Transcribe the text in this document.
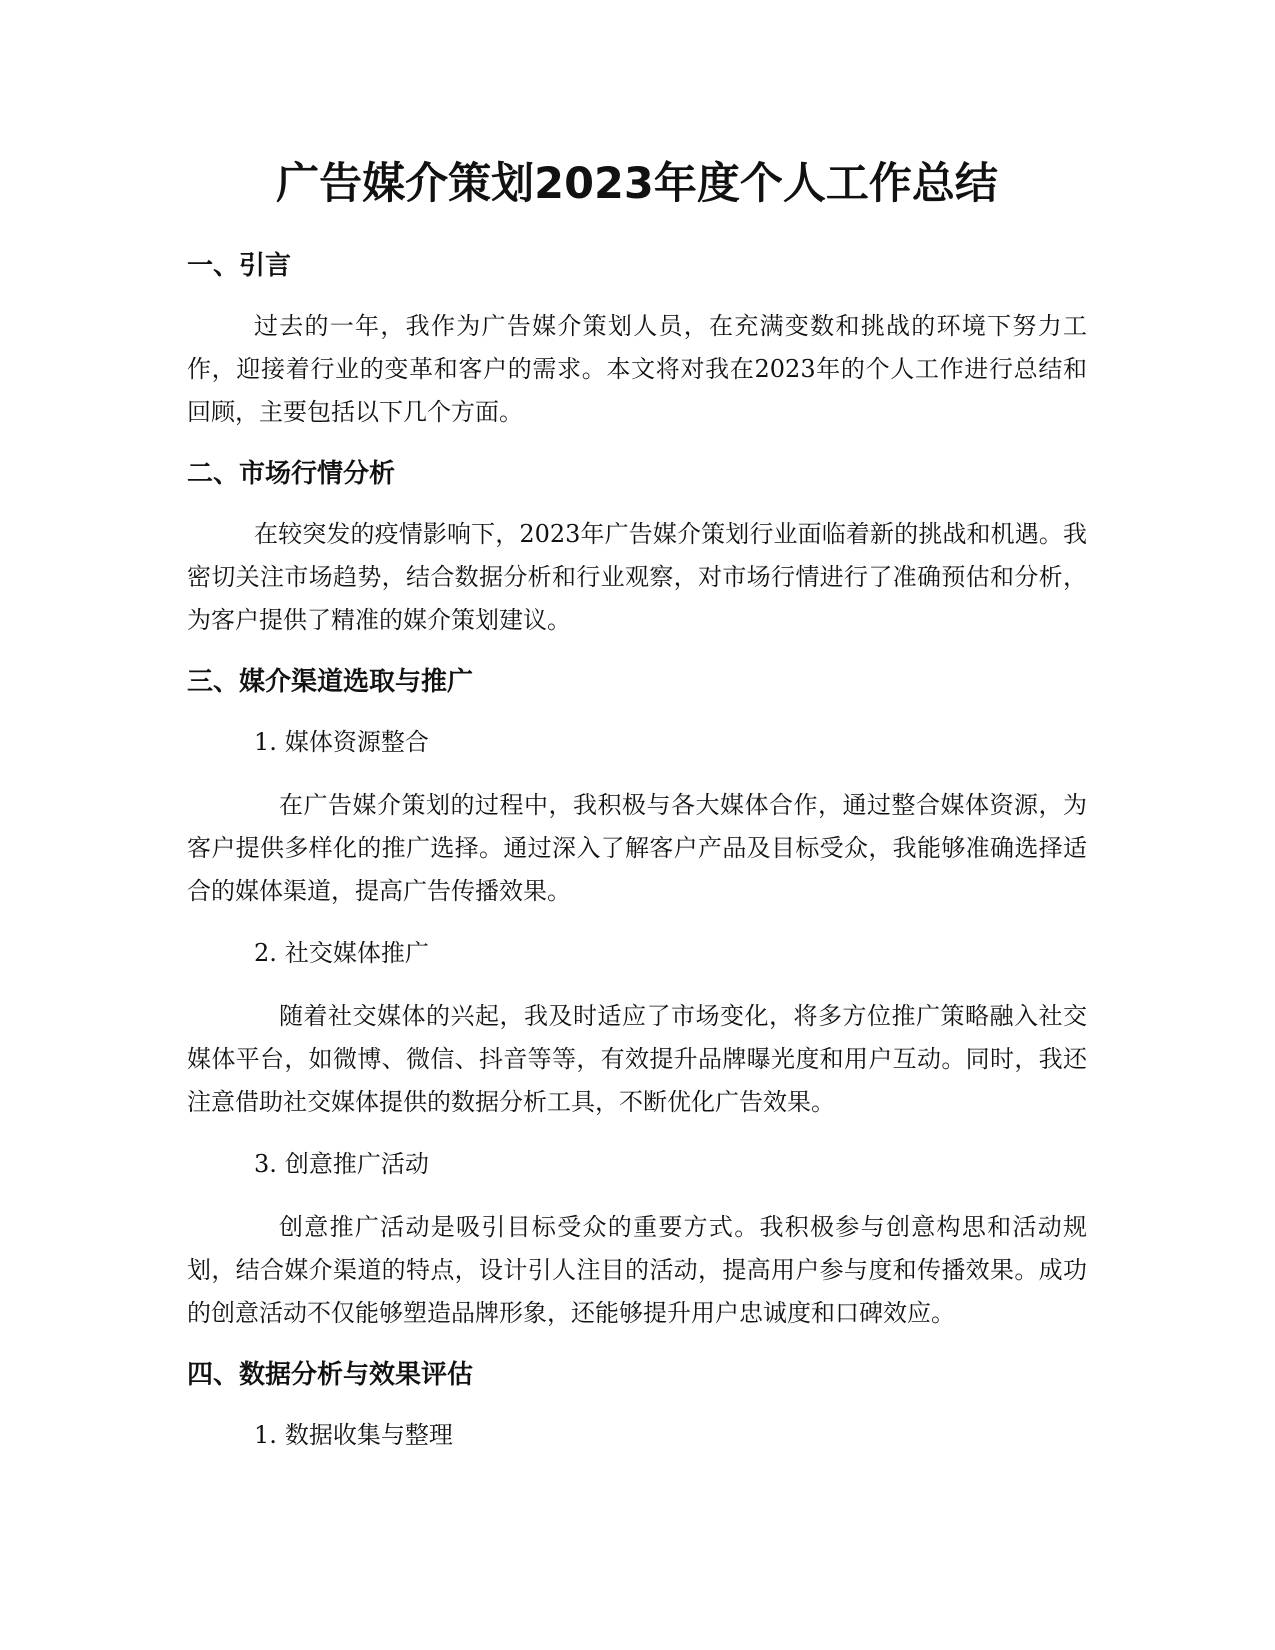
广告媒介策划2023年度个人工作总结
一、引言

过去的一年，我作为广告媒介策划人员，在充满变数和挑战的环境下努力工作，迎接着行业的变革和客户的需求。本文将对我在2023年的个人工作进行总结和回顾，主要包括以下几个方面。

二、市场行情分析

在较突发的疫情影响下，2023年广告媒介策划行业面临着新的挑战和机遇。我密切关注市场趋势，结合数据分析和行业观察，对市场行情进行了准确预估和分析，为客户提供了精准的媒介策划建议。

三、媒介渠道选取与推广
1. 媒体资源整合

在广告媒介策划的过程中，我积极与各大媒体合作，通过整合媒体资源，为客户提供多样化的推广选择。通过深入了解客户产品及目标受众，我能够准确选择适合的媒体渠道，提高广告传播效果。

2. 社交媒体推广

随着社交媒体的兴起，我及时适应了市场变化，将多方位推广策略融入社交媒体平台，如微博、微信、抖音等等，有效提升品牌曝光度和用户互动。同时，我还注意借助社交媒体提供的数据分析工具，不断优化广告效果。

3. 创意推广活动

创意推广活动是吸引目标受众的重要方式。我积极参与创意构思和活动规划，结合媒介渠道的特点，设计引人注目的活动，提高用户参与度和传播效果。成功的创意活动不仅能够塑造品牌形象，还能够提升用户忠诚度和口碑效应。

四、数据分析与效果评估
1. 数据收集与整理
